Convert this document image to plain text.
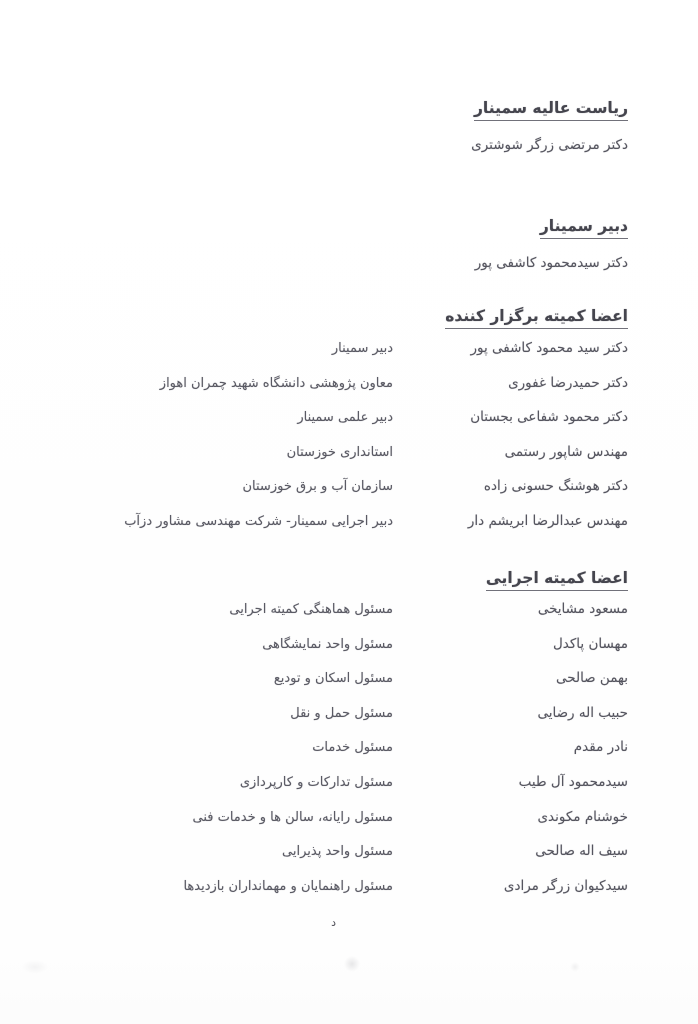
ریاست عالیه سمینار
دکتر مرتضی زرگر شوشتری
دبیر سمینار
دکتر سیدمحمود کاشفی پور
اعضا کمیته برگزار کننده
دکتر سید محمود کاشفی پور
دبیر سمینار
دکتر حمیدرضا غفوری
معاون پژوهشی دانشگاه شهید چمران اهواز
دکتر محمود شفاعی بجستان
دبیر علمی سمینار
مهندس شاپور رستمی
استانداری خوزستان
دکتر هوشنگ حسونی زاده
سازمان آب و برق خوزستان
مهندس عبدالرضا ابریشم دار
دبیر اجرایی سمینار- شرکت مهندسی مشاور دزآب
اعضا کمیته اجرایی
مسعود مشایخی
مسئول هماهنگی کمیته اجرایی
مهسان پاکدل
مسئول واحد نمایشگاهی
بهمن صالحی
مسئول اسکان و تودیع
حبیب اله رضایی
مسئول حمل و نقل
نادر مقدم
مسئول خدمات
سیدمحمود آل طیب
مسئول تدارکات و کارپردازی
خوشنام مکوندی
مسئول رایانه، سالن ها و خدمات فنی
سیف اله صالحی
مسئول واحد پذیرایی
سیدکیوان زرگر مرادی
مسئول راهنمایان و مهمانداران بازدیدها
د
